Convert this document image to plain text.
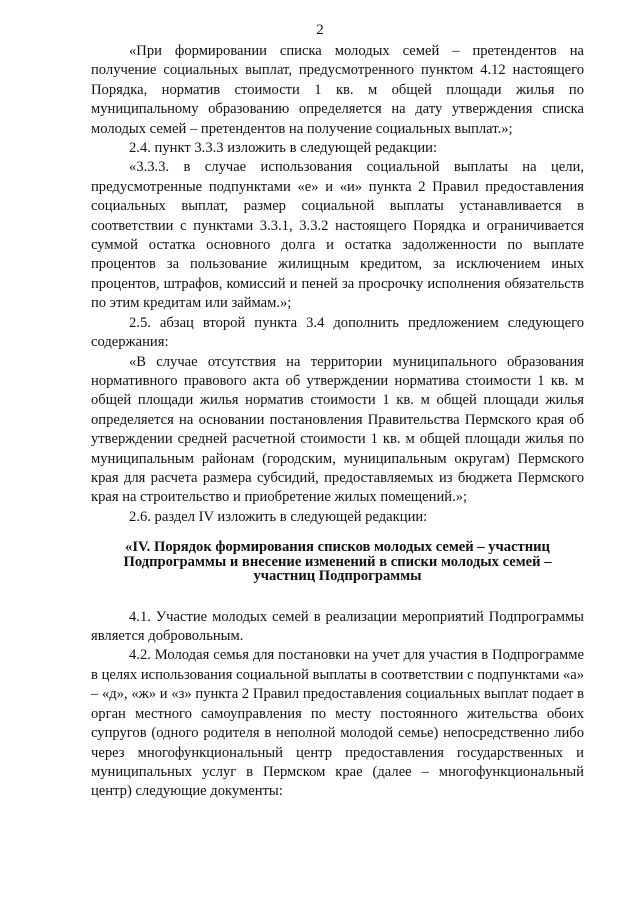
2

«При формировании списка молодых семей – претендентов на получение социальных выплат, предусмотренного пунктом 4.12 настоящего Порядка, норматив стоимости 1 кв. м общей площади жилья по муниципальному образованию определяется на дату утверждения списка молодых семей – претендентов на получение социальных выплат.»;

2.4. пункт 3.3.3 изложить в следующей редакции:

«3.3.3. в случае использования социальной выплаты на цели, предусмотренные подпунктами «е» и «и» пункта 2 Правил предоставления социальных выплат, размер социальной выплаты устанавливается в соответствии с пунктами 3.3.1, 3.3.2 настоящего Порядка и ограничивается суммой остатка основного долга и остатка задолженности по выплате процентов за пользование жилищным кредитом, за исключением иных процентов, штрафов, комиссий и пеней за просрочку исполнения обязательств по этим кредитам или займам.»;

2.5. абзац второй пункта 3.4 дополнить предложением следующего содержания:

«В случае отсутствия на территории муниципального образования нормативного правового акта об утверждении норматива стоимости 1 кв. м общей площади жилья норматив стоимости 1 кв. м общей площади жилья определяется на основании постановления Правительства Пермского края об утверждении средней расчетной стоимости 1 кв. м общей площади жилья по муниципальным районам (городским, муниципальным округам) Пермского края для расчета размера субсидий, предоставляемых из бюджета Пермского края на строительство и приобретение жилых помещений.»;

2.6. раздел IV изложить в следующей редакции:

«IV. Порядок формирования списков молодых семей – участниц Подпрограммы и внесение изменений в списки молодых семей – участниц Подпрограммы

4.1. Участие молодых семей в реализации мероприятий Подпрограммы является добровольным.

4.2. Молодая семья для постановки на учет для участия в Подпрограмме в целях использования социальной выплаты в соответствии с подпунктами «а» – «д», «ж» и «з» пункта 2 Правил предоставления социальных выплат подает в орган местного самоуправления по месту постоянного жительства обоих супругов (одного родителя в неполной молодой семье) непосредственно либо через многофункциональный центр предоставления государственных и муниципальных услуг в Пермском крае (далее – многофункциональный центр) следующие документы:
